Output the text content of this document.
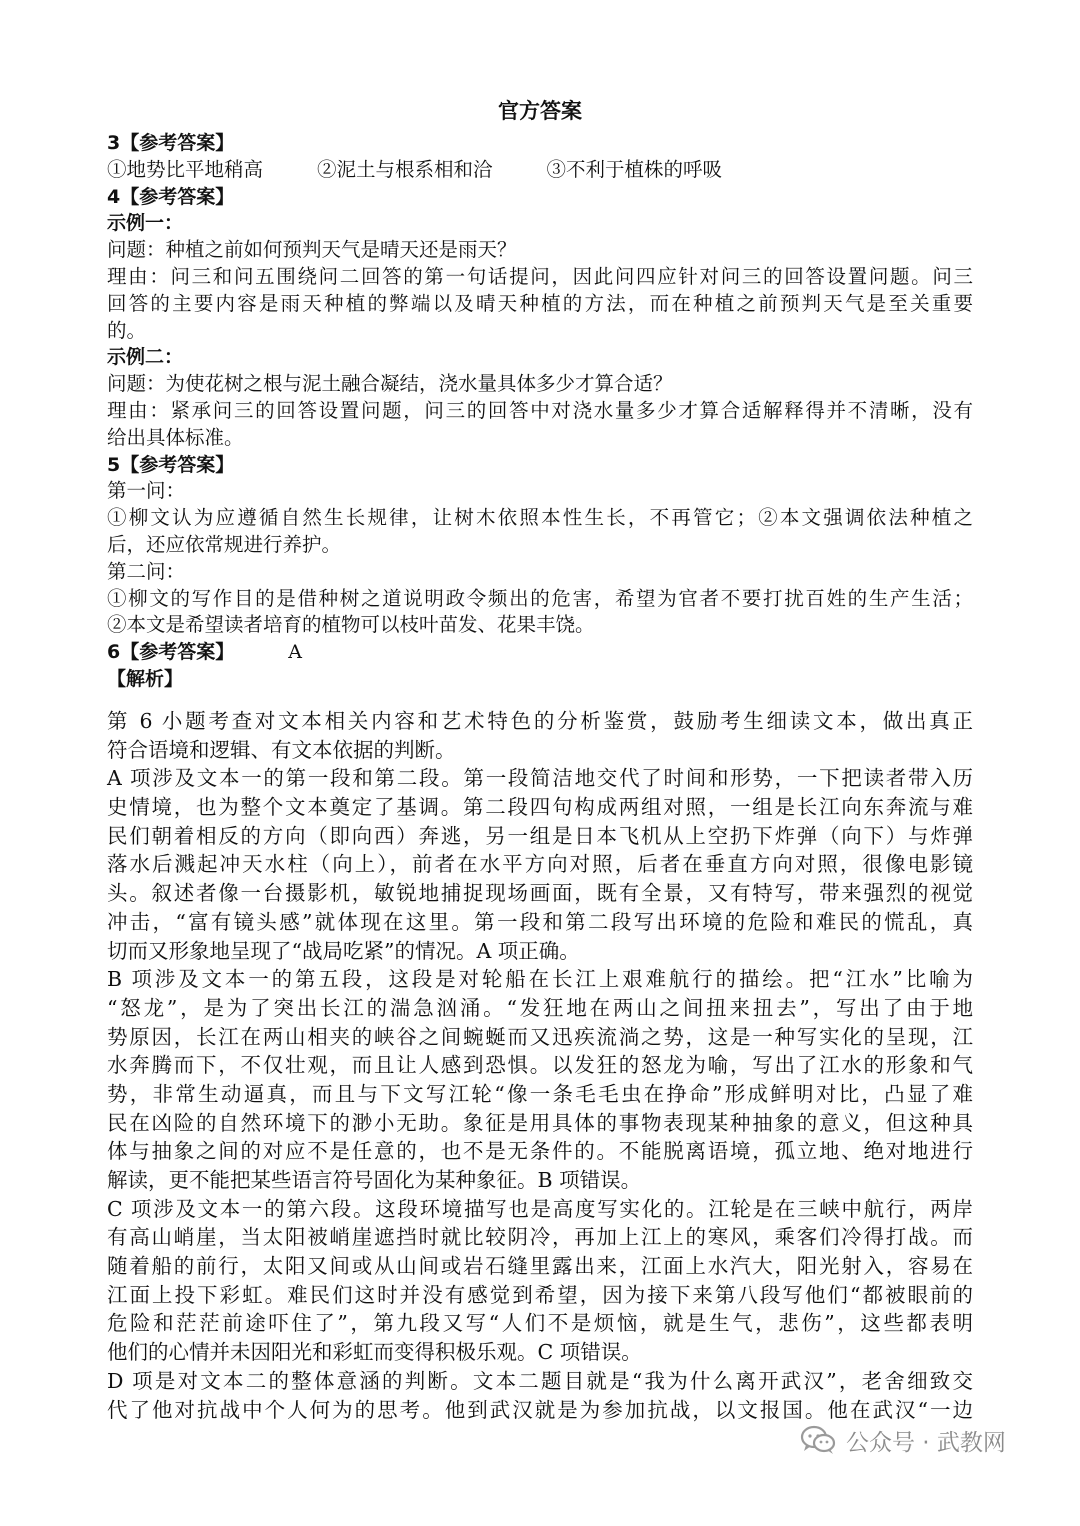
官方答案
3【参考答案】
①地势比平地稍高	②泥土与根系相和洽	③不利于植株的呼吸
4【参考答案】
示例一：
问题：种植之前如何预判天气是晴天还是雨天？
理由：问三和问五围绕问二回答的第一句话提问，因此问四应针对问三的回答设置问题。问三
回答的主要内容是雨天种植的弊端以及晴天种植的方法，而在种植之前预判天气是至关重要
的。
示例二：
问题：为使花树之根与泥土融合凝结，浇水量具体多少才算合适？
理由：紧承问三的回答设置问题，问三的回答中对浇水量多少才算合适解释得并不清晰，没有
给出具体标准。
5【参考答案】
第一问：
①柳文认为应遵循自然生长规律，让树木依照本性生长，不再管它；②本文强调依法种植之
后，还应依常规进行养护。
第二问：
①柳文的写作目的是借种树之道说明政令频出的危害，希望为官者不要打扰百姓的生产生活；
②本文是希望读者培育的植物可以枝叶苗发、花果丰饶。
6【参考答案】	A
【解析】
第 6 小题考查对文本相关内容和艺术特色的分析鉴赏，鼓励考生细读文本，做出真正
符合语境和逻辑、有文本依据的判断。
A 项涉及文本一的第一段和第二段。第一段简洁地交代了时间和形势，一下把读者带入历
史情境，也为整个文本奠定了基调。第二段四句构成两组对照，一组是长江向东奔流与难
民们朝着相反的方向（即向西）奔逃，另一组是日本飞机从上空扔下炸弹（向下）与炸弹
落水后溅起冲天水柱（向上），前者在水平方向对照，后者在垂直方向对照，很像电影镜
头。叙述者像一台摄影机，敏锐地捕捉现场画面，既有全景，又有特写，带来强烈的视觉
冲击，“富有镜头感”就体现在这里。第一段和第二段写出环境的危险和难民的慌乱，真
切而又形象地呈现了“战局吃紧”的情况。A 项正确。
B 项涉及文本一的第五段，这段是对轮船在长江上艰难航行的描绘。把“江水”比喻为
“怒龙”，是为了突出长江的湍急汹涌。“发狂地在两山之间扭来扭去”，写出了由于地
势原因，长江在两山相夹的峡谷之间蜿蜒而又迅疾流淌之势，这是一种写实化的呈现，江
水奔腾而下，不仅壮观，而且让人感到恐惧。以发狂的怒龙为喻，写出了江水的形象和气
势，非常生动逼真，而且与下文写江轮“像一条毛毛虫在挣命”形成鲜明对比，凸显了难
民在凶险的自然环境下的渺小无助。象征是用具体的事物表现某种抽象的意义，但这种具
体与抽象之间的对应不是任意的，也不是无条件的。不能脱离语境，孤立地、绝对地进行
解读，更不能把某些语言符号固化为某种象征。B 项错误。
C 项涉及文本一的第六段。这段环境描写也是高度写实化的。江轮是在三峡中航行，两岸
有高山峭崖，当太阳被峭崖遮挡时就比较阴冷，再加上江上的寒风，乘客们冷得打战。而
随着船的前行，太阳又间或从山间或岩石缝里露出来，江面上水汽大，阳光射入，容易在
江面上投下彩虹。难民们这时并没有感觉到希望，因为接下来第八段写他们“都被眼前的
危险和茫茫前途吓住了”，第九段又写“人们不是烦恼，就是生气，悲伤”，这些都表明
他们的心情并未因阳光和彩虹而变得积极乐观。C 项错误。
D 项是对文本二的整体意涵的判断。文本二题目就是“我为什么离开武汉”，老舍细致交
代了他对抗战中个人何为的思考。他到武汉就是为参加抗战，以文报国。他在武汉“一边
公众号 · 武教网
